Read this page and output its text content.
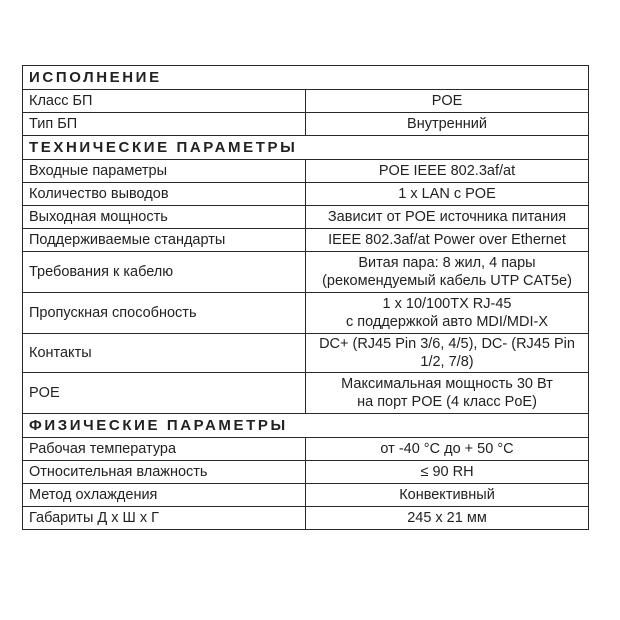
ИСПОЛНЕНИЕ	
Класс БП	POE

Тип БП	Внутренний

ТЕХНИЧЕСКИЕ ПАРАМЕТРЫ	
Входные параметры	POE IEEE 802.3af/at

Количество выводов	1 x LAN c POE

Выходная мощность	Зависит от POE источника питания

Поддерживаемые стандарты	IEEE 802.3af/at Power over Ethernet

Требования к кабелю	Витая пара: 8 жил, 4 пары
(рекомендуемый кабель UTP CAT5e)

Пропускная способность	1 x 10/100TX RJ-45
с поддержкой авто MDI/MDI-X

Контакты	DC+ (RJ45 Pin 3/6, 4/5), DC- (RJ45 Pin 1/2, 7/8)

POE	Максимальная мощность 30 Вт
на порт POE (4 класс PoE)

ФИЗИЧЕСКИЕ ПАРАМЕТРЫ	
Рабочая температура	от -40 °С до + 50 °С

Относительная влажность	≤ 90 RH

Метод охлаждения	Конвективный

Габариты Д х Ш х Г	245 x 21 мм
